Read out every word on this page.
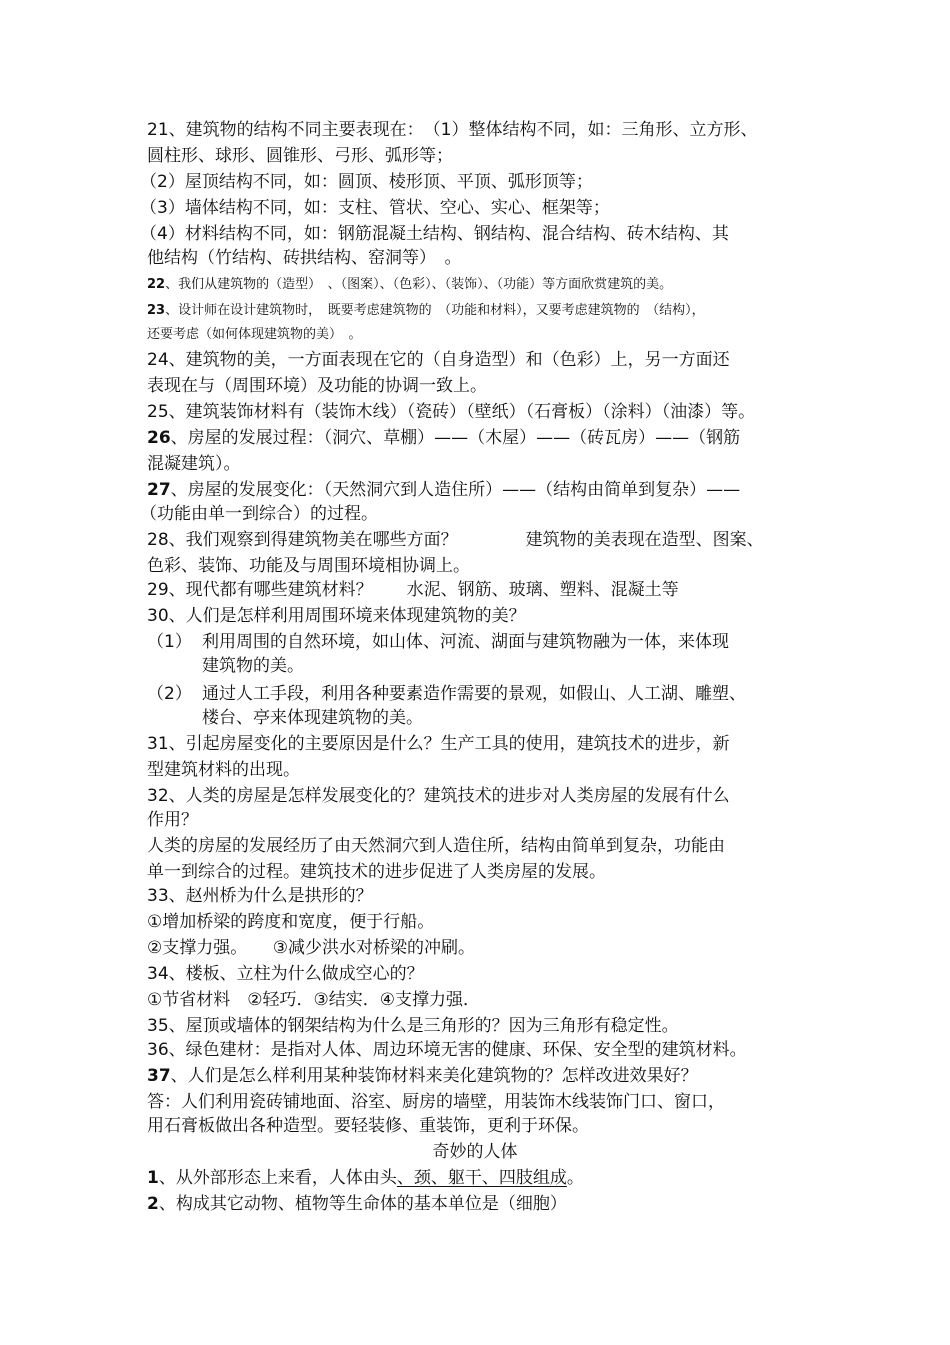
21、建筑物的结构不同主要表现在：　（1）整体结构不同，如：三角形、立方形、
圆柱形、球形、圆锥形、弓形、弧形等；
（2）屋顶结构不同，如：圆顶、棱形顶、平顶、弧形顶等；
（3）墙体结构不同，如：支柱、管状、空心、实心、框架等；
（4）材料结构不同，如：钢筋混凝土结构、钢结构、混合结构、砖木结构、其
他结构（竹结构、砖拱结构、窑洞等）　。
22、我们从建筑物的（造型）　、（图案）、（色彩）、（装饰）、（功能）等方面欣赏建筑的美。
23、设计师在设计建筑物时，　既要考虑建筑物的　（功能和材料），又要考虑建筑物的　（结构），
还要考虑（如何体现建筑物的美）　。
24、建筑物的美，一方面表现在它的（自身造型）和（色彩）上，另一方面还
表现在与（周围环境）及功能的协调一致上。
25、建筑装饰材料有（装饰木线）（瓷砖）（壁纸）（石膏板）（涂料）（油漆）等。
26、房屋的发展过程：（洞穴、草棚）——（木屋）——（砖瓦房）——（钢筋
混凝建筑）。
27、房屋的发展变化：（天然洞穴到人造住所）——（结构由简单到复杂）——
（功能由单一到综合）的过程。
28、我们观察到得建筑物美在哪些方面？　　　　建筑物的美表现在造型、图案、
色彩、装饰、功能及与周围环境相协调上。
29、现代都有哪些建筑材料？　　水泥、钢筋、玻璃、塑料、混凝土等
30、人们是怎样利用周围环境来体现建筑物的美？
（1） 利用周围的自然环境，如山体、河流、湖面与建筑物融为一体，来体现
建筑物的美。
（2） 通过人工手段，利用各种要素造作需要的景观，如假山、人工湖、雕塑、
楼台、亭来体现建筑物的美。
31、引起房屋变化的主要原因是什么？生产工具的使用，建筑技术的进步，新
型建筑材料的出现。
32、人类的房屋是怎样发展变化的？建筑技术的进步对人类房屋的发展有什么
作用？
人类的房屋的发展经历了由天然洞穴到人造住所，结构由简单到复杂，功能由
单一到综合的过程。建筑技术的进步促进了人类房屋的发展。
33、赵州桥为什么是拱形的？
①增加桥梁的跨度和宽度，便于行船。
②支撑力强。　　③减少洪水对桥梁的冲刷。
34、楼板、立柱为什么做成空心的？
①节省材料　②轻巧．③结实．④支撑力强．
35、屋顶或墙体的钢架结构为什么是三角形的？因为三角形有稳定性。
36、绿色建材：是指对人体、周边环境无害的健康、环保、安全型的建筑材料。
37、人们是怎么样利用某种装饰材料来美化建筑物的？怎样改进效果好？
答：人们利用瓷砖铺地面、浴室、厨房的墙壁，用装饰木线装饰门口、窗口，
用石膏板做出各种造型。要轻装修、重装饰，更利于环保。
奇妙的人体
1、从外部形态上来看，人体由头、颈、躯干、四肢组成。
2、构成其它动物、植物等生命体的基本单位是（细胞）
